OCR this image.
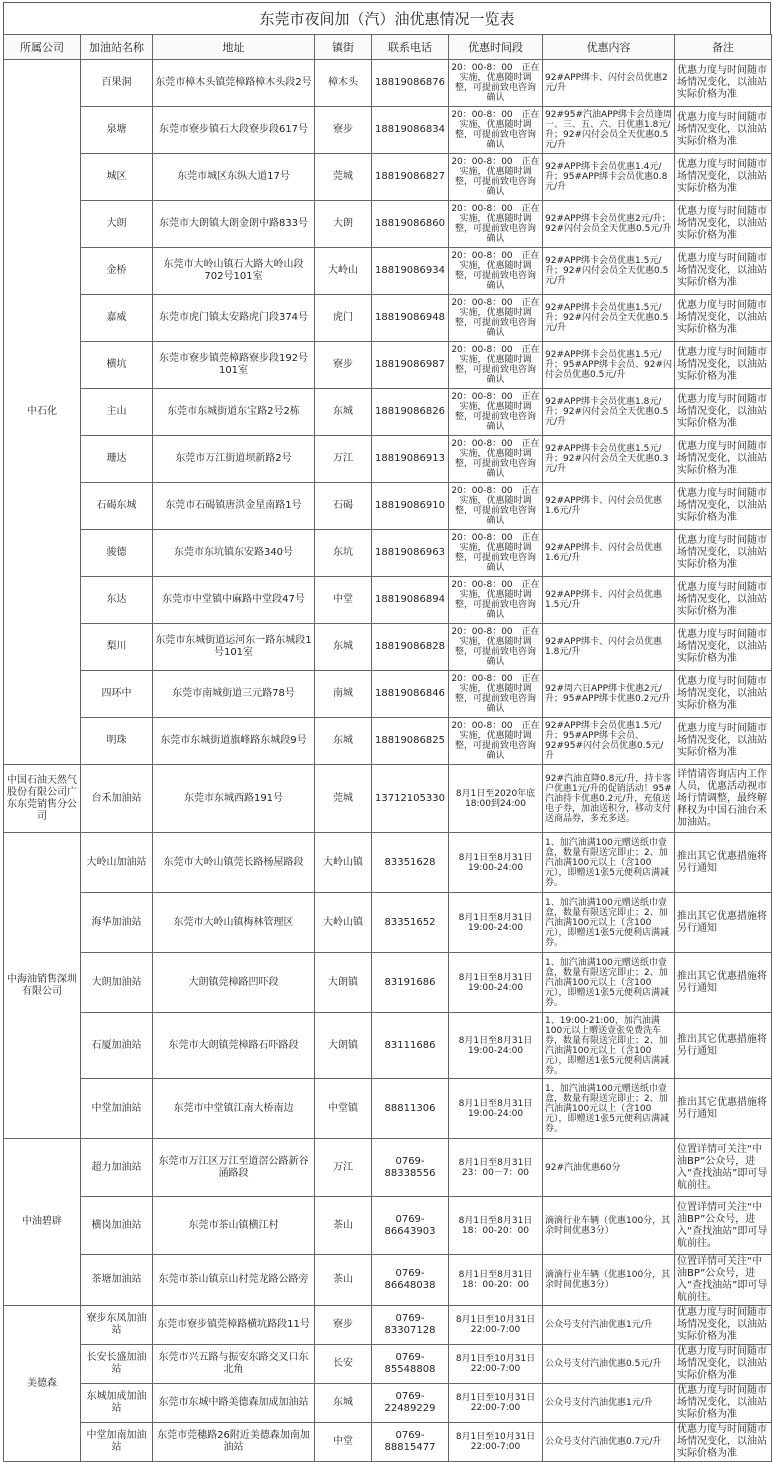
东莞市夜间加（汽）油优惠情况一览表
所属公司	加油站名称	地址	镇街	联系电话	优惠时间段	优惠内容	备注
中石化	百果洞	东莞市樟木头镇莞樟路樟木头段2号	樟木头	18819086876	20：00-8：00　正在实施，优惠随时调整，可提前致电咨询确认	92#APP绑卡、闪付会员优惠2元/升	优惠力度与时间随市场情况变化，以油站实际价格为准
	泉塘	东莞市寮步镇石大段寮步段617号	寮步	18819086834	20：00-8：00　正在实施，优惠随时调整，可提前致电咨询确认	92#95#汽油APP绑卡会员逢周一、三、五、六、日优惠1.8元/升；92#闪付会员全天优惠0.5元/升	优惠力度与时间随市场情况变化，以油站实际价格为准
	城区	东莞市城区东纵大道17号	莞城	18819086827	20：00-8：00　正在实施，优惠随时调整，可提前致电咨询确认	92#APP绑卡会员优惠1.4元/升；95#APP绑卡会员优惠0.8元/升	优惠力度与时间随市场情况变化，以油站实际价格为准
	大朗	东莞市大朗镇大朗金朗中路833号	大朗	18819086860	20：00-8：00　正在实施，优惠随时调整，可提前致电咨询确认	92#APP绑卡会员优惠2元/升；92#闪付会员全天优惠0.5元/升	优惠力度与时间随市场情况变化，以油站实际价格为准
	金桥	东莞市大岭山镇石大路大岭山段702号101室	大岭山	18819086934	20：00-8：00　正在实施，优惠随时调整，可提前致电咨询确认	92#APP绑卡会员优惠1.5元/升；92#闪付会员全天优惠0.5元/升	优惠力度与时间随市场情况变化，以油站实际价格为准
	嘉威	东莞市虎门镇太安路虎门段374号	虎门	18819086948	20：00-8：00　正在实施，优惠随时调整，可提前致电咨询确认	92#APP绑卡会员优惠1.5元/升；92#闪付会员全天优惠0.5元/升	优惠力度与时间随市场情况变化，以油站实际价格为准
	横坑	东莞市寮步镇莞樟路寮步段192号101室	寮步	18819086987	20：00-8：00　正在实施，优惠随时调整，可提前致电咨询确认	92#APP绑卡会员优惠1.5元/升；95#APP绑卡会员、92#闪付会员优惠0.5元/升	优惠力度与时间随市场情况变化，以油站实际价格为准
	主山	东莞市东城街道东宝路2号2栋	东城	18819086826	20：00-8：00　正在实施，优惠随时调整，可提前致电咨询确认	92#APP绑卡会员优惠1.8元/升；92#闪付会员全天优惠0.5元/升	优惠力度与时间随市场情况变化，以油站实际价格为准
	珊达	东莞市万江街道坝新路2号	万江	18819086913	20：00-8：00　正在实施，优惠随时调整，可提前致电咨询确认	92#APP绑卡会员优惠1.5元/升；92#闪付会员全天优惠0.3元/升	优惠力度与时间随市场情况变化，以油站实际价格为准
	石碣东城	东莞市石碣镇唐洪金星南路1号	石碣	18819086910	20：00-8：00　正在实施，优惠随时调整，可提前致电咨询确认	92#APP绑卡、闪付会员优惠1.6元/升	优惠力度与时间随市场情况变化，以油站实际价格为准
	骏德	东莞市东坑镇东安路340号	东坑	18819086963	20：00-8：00　正在实施，优惠随时调整，可提前致电咨询确认	92#APP绑卡、闪付会员优惠1.6元/升	优惠力度与时间随市场情况变化，以油站实际价格为准
	东达	东莞市中堂镇中麻路中堂段47号	中堂	18819086894	20：00-8：00　正在实施，优惠随时调整，可提前致电咨询确认	92#APP绑卡、闪付会员优惠1.5元/升	优惠力度与时间随市场情况变化，以油站实际价格为准
	梨川	东莞市东城街道运河东一路东城段1号101室	东城	18819086828	20：00-8：00　正在实施，优惠随时调整，可提前致电咨询确认	92#APP绑卡、闪付会员优惠1.8元/升	优惠力度与时间随市场情况变化，以油站实际价格为准
	四环中	东莞市南城街道三元路78号	南城	18819086846	20：00-8：00　正在实施，优惠随时调整，可提前致电咨询确认	92#周六日APP绑卡优惠2元/升；95#APP绑卡优惠0.2元/升	优惠力度与时间随市场情况变化，以油站实际价格为准
	明珠	东莞市东城街道旗峰路东城段9号	东城	18819086825	20：00-8：00　正在实施，优惠随时调整，可提前致电咨询确认	92#APP绑卡会员优惠1.5元/升；95#APP绑卡会员、92#95#闪付会员优惠0.5元/升	优惠力度与时间随市场情况变化，以油站实际价格为准
中国石油天然气股份有限公司广东东莞销售分公司	台禾加油站	东莞市东城西路191号	莞城	13712105330	8月1日至2020年底18:00到24:00	92#汽油直降0.8元/升，持卡客户优惠1元/升的促销活动！95#汽油持卡优惠0.2元/升，充值送电子券，加油送积分，移动支付送商品券，多充多送。	详情请咨询店内工作人员，优惠活动视市场行情调整，最终解释权为中国石油台禾加油站。
中海油销售深圳有限公司	大岭山加油站	东莞市大岭山镇莞长路杨屋路段	大岭山镇	83351628	8月1日至8月31日19:00-24:00	1、加汽油满100元赠送纸巾壹盒，数量有限送完即止；2、加汽油满100元以上（含100元），即赠送1张5元便利店满减券。	推出其它优惠措施将另行通知
	海华加油站	东莞市大岭山镇梅林管理区	大岭山镇	83351652	8月1日至8月31日19:00-24:00	1、加汽油满100元赠送纸巾壹盒，数量有限送完即止；2、加汽油满100元以上（含100元），即赠送1张5元便利店满减券。	推出其它优惠措施将另行通知
	大朗加油站	大朗镇莞樟路凹吓段	大朗镇	83191686	8月1日至8月31日19:00-24:00	1、加汽油满100元赠送纸巾壹盒，数量有限送完即止；2、加汽油满100元以上（含100元），即赠送1张5元便利店满减券。	推出其它优惠措施将另行通知
	石厦加油站	东莞市大朗镇莞樟路石吓路段	大朗镇	83111686	8月1日至8月31日19:00-24:00	1、19:00-21:00，加汽油满100元以上赠送壹张免费洗车券，数量有限送完即止；2、加汽油满100元以上（含100元），即赠送1张5元便利店满减券。	推出其它优惠措施将另行通知
	中堂加油站	东莞市中堂镇江南大桥南边	中堂镇	88811306	8月1日至8月31日19:00-24:00	1、加汽油满100元赠送纸巾壹盒，数量有限送完即止；2、加汽油满100元以上（含100元），即赠送1张5元便利店满减券。	推出其它优惠措施将另行通知
中油碧辟	超力加油站	东莞市万江区万江至道滘公路新谷涌路段	万江	0769-88338556	8月1日至8月31日23：00－7：00	92#汽油优惠60分	位置详情可关注“中油BP”公众号，进入“查找油站”即可导航前往。
	横岗加油站	东莞市茶山镇横江村	茶山	0769-86643903	8月1日至8月31日18：00-20：00	滴滴行业车辆（优惠100分，其余时间优惠3分）	位置详情可关注“中油BP”公众号，进入“查找油站”即可导航前往。
	茶塘加油站	东莞市茶山镇京山村莞龙路公路旁	茶山	0769-86648038	8月1日至8月31日18：00-20：00	滴滴行业车辆（优惠100分，其余时间优惠3分）	位置详情可关注“中油BP”公众号，进入“查找油站”即可导航前往。
美德森	寮步东凤加油站	东莞市寮步镇莞樟路横坑路段11号	寮步	0769-83307128	8月1日至10月31日22:00-7:00	公众号支付汽油优惠1元/升	优惠力度与时间随市场情况变化，以油站实际价格为准
	长安长盛加油站	东莞市兴五路与振安东路交叉口东北角	长安	0769-85548808	8月1日至10月31日22:00-7:00	公众号支付汽油优惠0.5元/升	优惠力度与时间随市场情况变化，以油站实际价格为准
	东城加成加油站	东莞市东城中路美德森加成加油站	东城	0769-22489229	8月1日至10月31日22:00-7:00	公众号支付汽油优惠1元/升	优惠力度与时间随市场情况变化，以油站实际价格为准
	中堂加南加油站	东莞市莞穗路26附近美德森加南加油站	中堂	0769-88815477	8月1日至10月31日22:00-7:00	公众号支付汽油优惠0.7元/升	优惠力度与时间随市场情况变化，以油站实际价格为准
